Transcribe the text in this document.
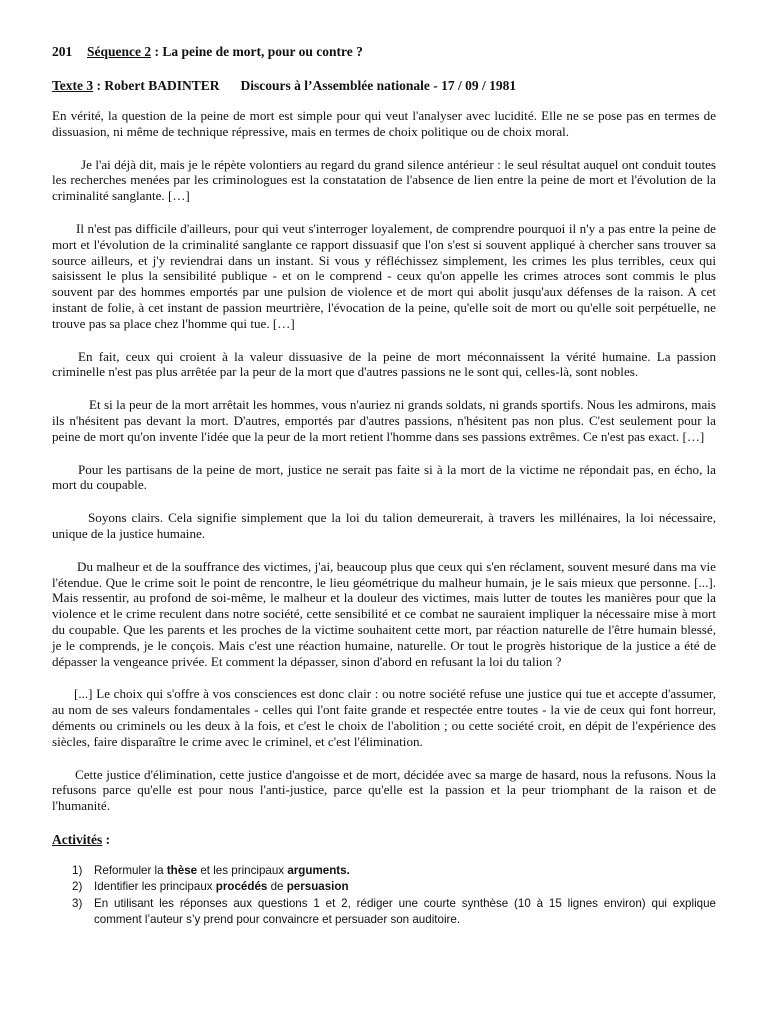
201 Séquence 2 : La peine de mort, pour ou contre ?
Texte 3 : Robert BADINTER Discours à l’Assemblée nationale - 17 / 09 / 1981

En vérité, la question de la peine de mort est simple pour qui veut l'analyser avec lucidité. Elle ne se pose pas en termes de dissuasion, ni même de technique répressive, mais en termes de choix politique ou de choix moral.

Je l'ai déjà dit, mais je le répète volontiers au regard du grand silence antérieur : le seul résultat auquel ont conduit toutes les recherches menées par les criminologues est la constatation de l'absence de lien entre la peine de mort et l'évolution de la criminalité sanglante. […]

Il n'est pas difficile d'ailleurs, pour qui veut s'interroger loyalement, de comprendre pourquoi il n'y a pas entre la peine de mort et l'évolution de la criminalité sanglante ce rapport dissuasif que l'on s'est si souvent appliqué à chercher sans trouver sa source ailleurs, et j'y reviendrai dans un instant. Si vous y réfléchissez simplement, les crimes les plus terribles, ceux qui saisissent le plus la sensibilité publique - et on le comprend - ceux qu'on appelle les crimes atroces sont commis le plus souvent par des hommes emportés par une pulsion de violence et de mort qui abolit jusqu'aux défenses de la raison. A cet instant de folie, à cet instant de passion meurtrière, l'évocation de la peine, qu'elle soit de mort ou qu'elle soit perpétuelle, ne trouve pas sa place chez l'homme qui tue. […]

En fait, ceux qui croient à la valeur dissuasive de la peine de mort méconnaissent la vérité humaine. La passion criminelle n'est pas plus arrêtée par la peur de la mort que d'autres passions ne le sont qui, celles-là, sont nobles.

Et si la peur de la mort arrêtait les hommes, vous n'auriez ni grands soldats, ni grands sportifs. Nous les admirons, mais ils n'hésitent pas devant la mort. D'autres, emportés par d'autres passions, n'hésitent pas non plus. C'est seulement pour la peine de mort qu'on invente l'idée que la peur de la mort retient l'homme dans ses passions extrêmes. Ce n'est pas exact. […]

Pour les partisans de la peine de mort, justice ne serait pas faite si à la mort de la victime ne répondait pas, en écho, la mort du coupable.

Soyons clairs. Cela signifie simplement que la loi du talion demeurerait, à travers les millénaires, la loi nécessaire, unique de la justice humaine.

Du malheur et de la souffrance des victimes, j'ai, beaucoup plus que ceux qui s'en réclament, souvent mesuré dans ma vie l'étendue. Que le crime soit le point de rencontre, le lieu géométrique du malheur humain, je le sais mieux que personne. [...]. Mais ressentir, au profond de soi-même, le malheur et la douleur des victimes, mais lutter de toutes les manières pour que la violence et le crime reculent dans notre société, cette sensibilité et ce combat ne sauraient impliquer la nécessaire mise à mort du coupable. Que les parents et les proches de la victime souhaitent cette mort, par réaction naturelle de l'être humain blessé, je le comprends, je le conçois. Mais c'est une réaction humaine, naturelle. Or tout le progrès historique de la justice a été de dépasser la vengeance privée. Et comment la dépasser, sinon d'abord en refusant la loi du talion ?

[...] Le choix qui s'offre à vos consciences est donc clair : ou notre société refuse une justice qui tue et accepte d'assumer, au nom de ses valeurs fondamentales - celles qui l'ont faite grande et respectée entre toutes - la vie de ceux qui font horreur, déments ou criminels ou les deux à la fois, et c'est le choix de l'abolition ; ou cette société croit, en dépit de l'expérience des siècles, faire disparaître le crime avec le criminel, et c'est l'élimination.

Cette justice d'élimination, cette justice d'angoisse et de mort, décidée avec sa marge de hasard, nous la refusons. Nous la refusons parce qu'elle est pour nous l'anti-justice, parce qu'elle est la passion et la peur triomphant de la raison et de l'humanité.

Activités :
1)	Reformuler la thèse et les principaux arguments.
2)	Identifier les principaux procédés de persuasion
3)	En utilisant les réponses aux questions 1 et 2, rédiger une courte synthèse (10 à 15 lignes environ) qui explique comment l’auteur s’y prend pour convaincre et persuader son auditoire.
